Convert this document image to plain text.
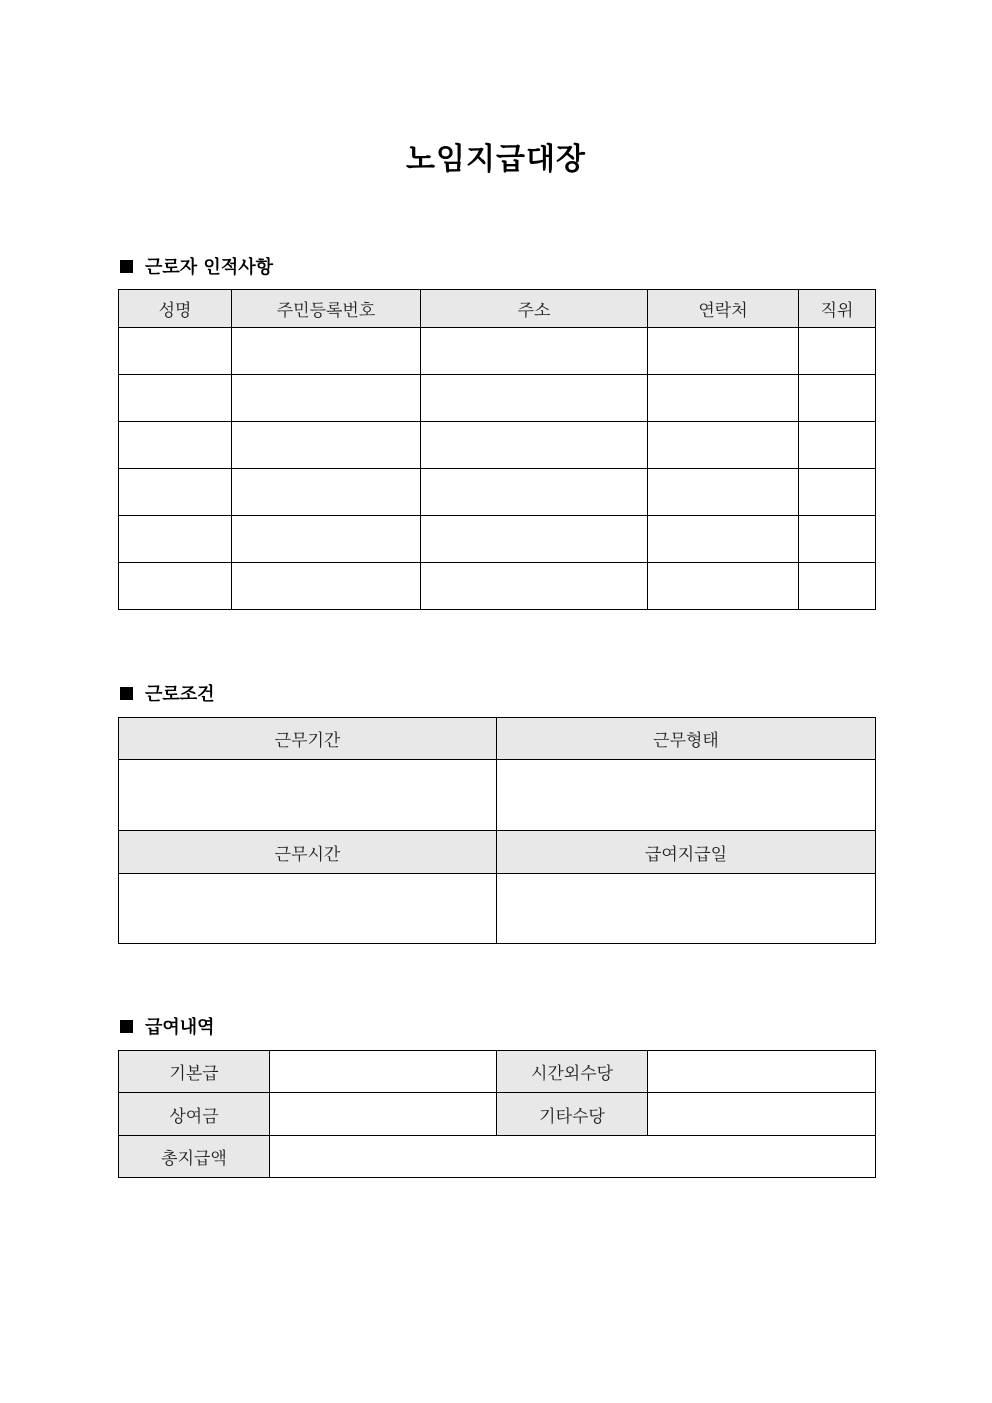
노임지급대장
근로자 인적사항
성명	주민등록번호	주소	연락처	직위

근로조건
근무기간	근무형태

근무시간	급여지급일

급여내역
기본급		시간외수당	
상여금		기타수당	
총지급액			
